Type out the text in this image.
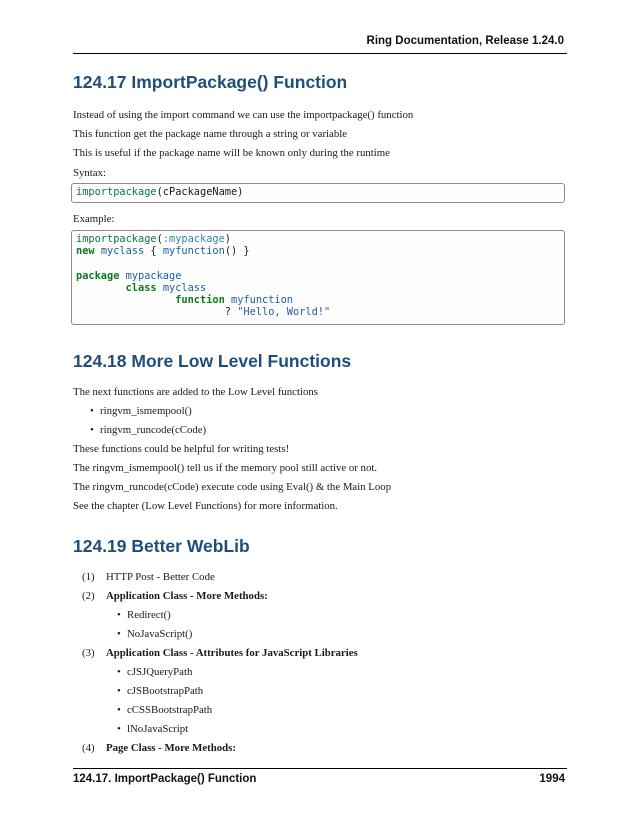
Ring Documentation, Release 1.24.0
124.17 ImportPackage() Function
Instead of using the import command we can use the importpackage() function
This function get the package name through a string or variable
This is useful if the package name will be known only during the runtime
Syntax:
importpackage(cPackageName)
Example:
importpackage(:mypackage)
new myclass { myfunction() }

package mypackage
class myclass
function myfunction
? "Hello, World!"
124.18 More Low Level Functions
The next functions are added to the Low Level functions
• ringvm_ismempool()
• ringvm_runcode(cCode)
These functions could be helpful for writing tests!
The ringvm_ismempool() tell us if the memory pool still active or not.
The ringvm_runcode(cCode) execute code using Eval() & the Main Loop
See the chapter (Low Level Functions) for more information.
124.19 Better WebLib
(1) HTTP Post - Better Code
(2) Application Class - More Methods:
• Redirect()
• NoJavaScript()
(3) Application Class - Attributes for JavaScript Libraries
• cJSJQueryPath
• cJSBootstrapPath
• cCSSBootstrapPath
• lNoJavaScript
(4) Page Class - More Methods:
124.17. ImportPackage() Function	1994
